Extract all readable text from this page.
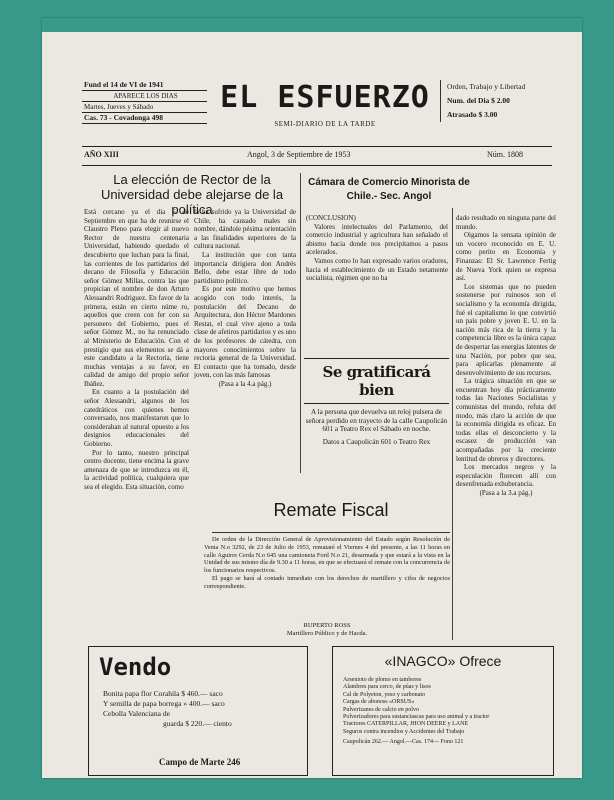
Fund el 14 de VI de 1941
APARECE LOS DIAS
Martes, Jueves y Sábado
Cas. 73 - Covadonga 498
EL ESFUERZO
SEMI-DIARIO DE LA TARDE
Orden, Trabajo y Libertad
Num. del Dia $ 2.00
Atrasado $ 3.00
AÑO XIII	Angol, 3 de Septiembre de 1953	Núm. 1808
La elección de Rector de la Universidad debe alejarse de la política
Está cercano ya el dia 6 de Septiembre en que ha de reunirse el Claustro Pleno para elegir al nuevo Rector de nuestra centenaria Universidad, habiendo quedado el descubierto que luchan para la final, las corrientes de los partidarios del decano de Filosofía y Educación señor Gómez Millas, contra las que propician el nombre de don Arturo Alessandri Rodriguez. En favor de la primera, están en cierto núme ro, aquellos que creen con fer con su personero del Gobierno, pues el señor Gómez M., no ha renunciado al Ministerio de Educación. Con el prestigio que sus elementos se dá a este candidato a la Rectoría, tiene muchas ventajas a su favor, en calidad de amigo del propio señor Ibáñez.
En cuanto a la postulación del señor Alessandri, algunos de los catedráticos con quienes hemos conversado, nos manifestaron que lo consideraban al natural opuesto a los designios educacionales del Gobierno.
Por lo tanto, nuestro principal centro docente, tiene encima la grave amenaza de que se introduzca en él, la actividad política, cualquiera que sea el elegido. Esta situación, como
la ha sufrido ya la Universidad de Chile, ha causado males sin nombre, dándole pésima orientación a las finalidades superiores de la cultura nacional.
La institución que con tanta importancia dirigiera don Andrés Bello, debe estar libre de todo partidismo político.
Es por este motivo que hemos acogido con todo interés, la postulación del Decano de Arquitectura, don Héctor Mardones Restat, el cual vive ajeno a toda clase de afetiros partidarios y es uno de los profesores de cátedra, con mayores conocimientos sobre la rectoría general de la Universidad. El contacto que ha tomado, desde joven, con las más famosas
(Pasa a la 4.a pág.)
Cámara de Comercio Minorista de Chile.- Sec. Angol
(CONCLUSION)
Valores intelectuales del Parlamento, del comercio industrial y agricultura han señalado el abismo hacia donde nos precipitamos a pasos acelerados.
Vamos como lo han expresado varios oradores, hacia el establecimiento de un Estado netamente socialista, régimen que no ha
dado resultado en ninguna parte del mundo.
Oigamos la sensata opinión de un vocero reconocido en E. U. como perito en Economía y Finanzas: El Sr. Lawrence Fertig de Nueva York quien se expresa así.
Los sistemas que no pueden sostenerse por ruinosos son el socialismo y la economía dirigida, fué el capitalismo lo que convirtió un país pobre y joven E. U. en la nación más rica de la tierra y la competencia libre es la única capaz de despertar las energías latentes de una Nación, por pobre que sea, para aplicarlas plenamente al desenvolvimiento de sus recursos.
La trágica situación en que se encuentran hoy día prácticamente todas las Naciones Socialistas y comunistas del mundo, refuta del modo, más claro la acción de que la economía dirigida es eficaz. En todas ellas el desconcierto y la escasez de producción van acompañadas por la creciente lentitud de obreros y directores.
Los mercados negros y la especulación florecen allí con desenfrenada exhuberancia.
(Pasa a la 3.a pág.)
Se gratificará bien
A la persona que devuelva un reloj pulsera de señora perdido en trayecto de la calle Caupolicán 601 a Teatro Rex el Sábado en noche.
Datos a Caupolicán 601 o Teatro Rex
Remate Fiscal
De orden de la Dirección General de Aprovisionamiento del Estado según Resolución de Venta N.o 3292, de 23 de Julio de 1953, remataré el Viernes 4 del presente, a las 11 horas en calle Aguirre Cerda N.o 645 una camioneta Ford N.o 21, desarmada y que estará a la vista en la Unidad de sus mismo día de 9.30 a 11 horas, en que se efectuará el remate con la concurrencia de los funcionarios respectivos.
El pago se hará al contado inmediato con los derechos de martillero y cifra de negocios correspondiente.
RUPERTO ROSS
Martillero Público y de Hacda.
Vendo
Bonita papa flor Corahila $ 460.— saco
Y semilla de papa borrega » 400.— saco
Cebolla Valenciana de
guarda $ 220.— ciento
Campo de Marte 246
«INAGCO» Ofrece
Arsenioto de plomo en tambores
Alambres para cerco, de púas y lisos
Cal de Polyeton, yeso y carbonato
Cargas de abonoss «ORSUS»
Pulverizanes de calcio en polvo
Polverizadores para sustanciascas para uso animal y a tractor
Tractores CATERPILLAR, JHON DEERE y LANE
Seguros contra incendios y Accidentes del Trabajo
Caupolicán 262.— Angol.—Cas. 174— Fono 121
